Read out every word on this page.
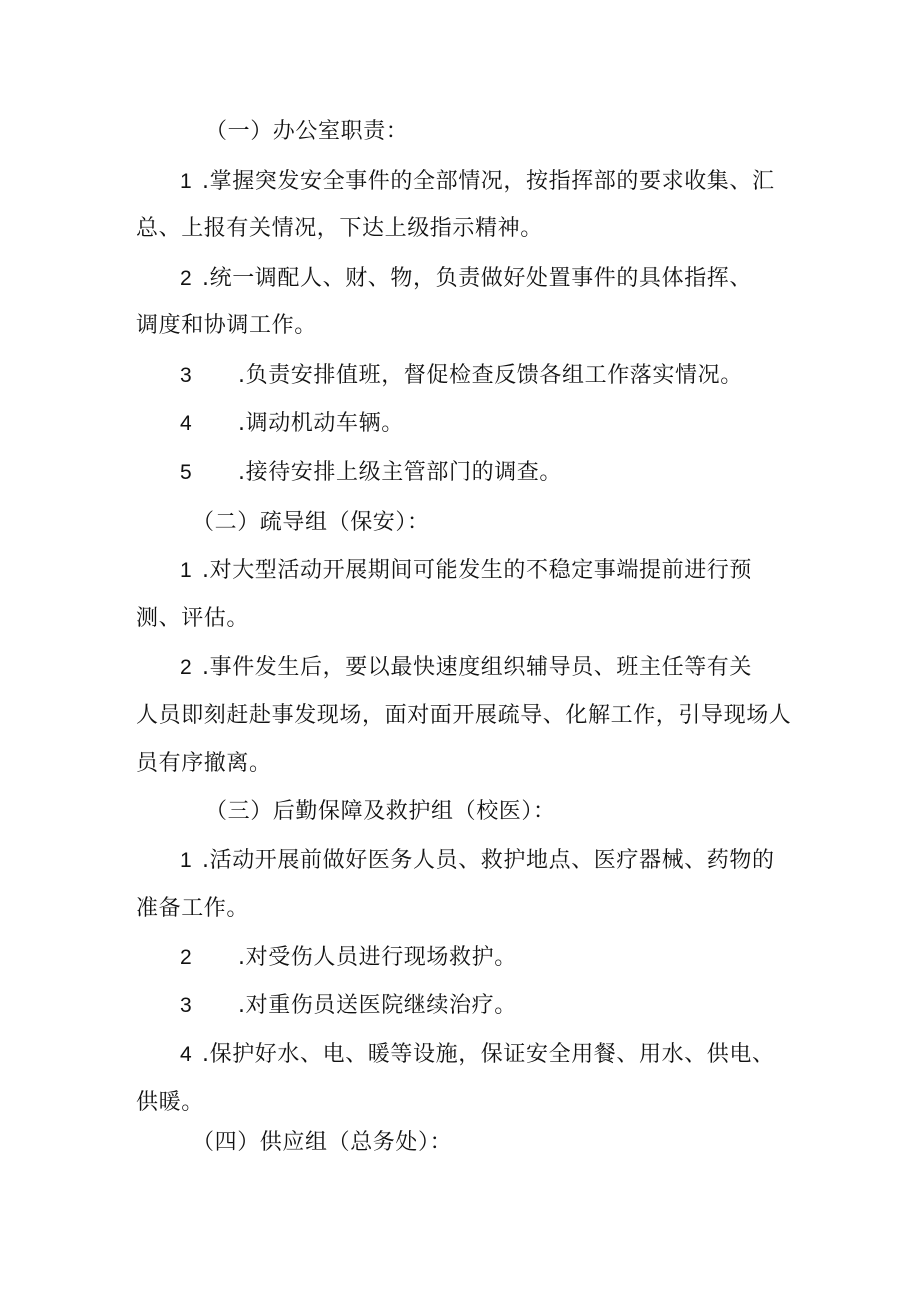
（一）办公室职责：
1 .掌握突发安全事件的全部情况，按指挥部的要求收集、汇
总、上报有关情况，下达上级指示精神。
2 .统一调配人、财、物，负责做好处置事件的具体指挥、
调度和协调工作。
3 .负责安排值班，督促检查反馈各组工作落实情况。
4 .调动机动车辆。
5 .接待安排上级主管部门的调查。
（二）疏导组（保安）：
1 .对大型活动开展期间可能发生的不稳定事端提前进行预
测、评估。
2 .事件发生后，要以最快速度组织辅导员、班主任等有关
人员即刻赶赴事发现场，面对面开展疏导、化解工作，引导现场人
员有序撤离。
（三）后勤保障及救护组（校医）：
1 .活动开展前做好医务人员、救护地点、医疗器械、药物的
准备工作。
2 .对受伤人员进行现场救护。
3 .对重伤员送医院继续治疗。
4 .保护好水、电、暖等设施，保证安全用餐、用水、供电、
供暖。
（四）供应组（总务处）：
